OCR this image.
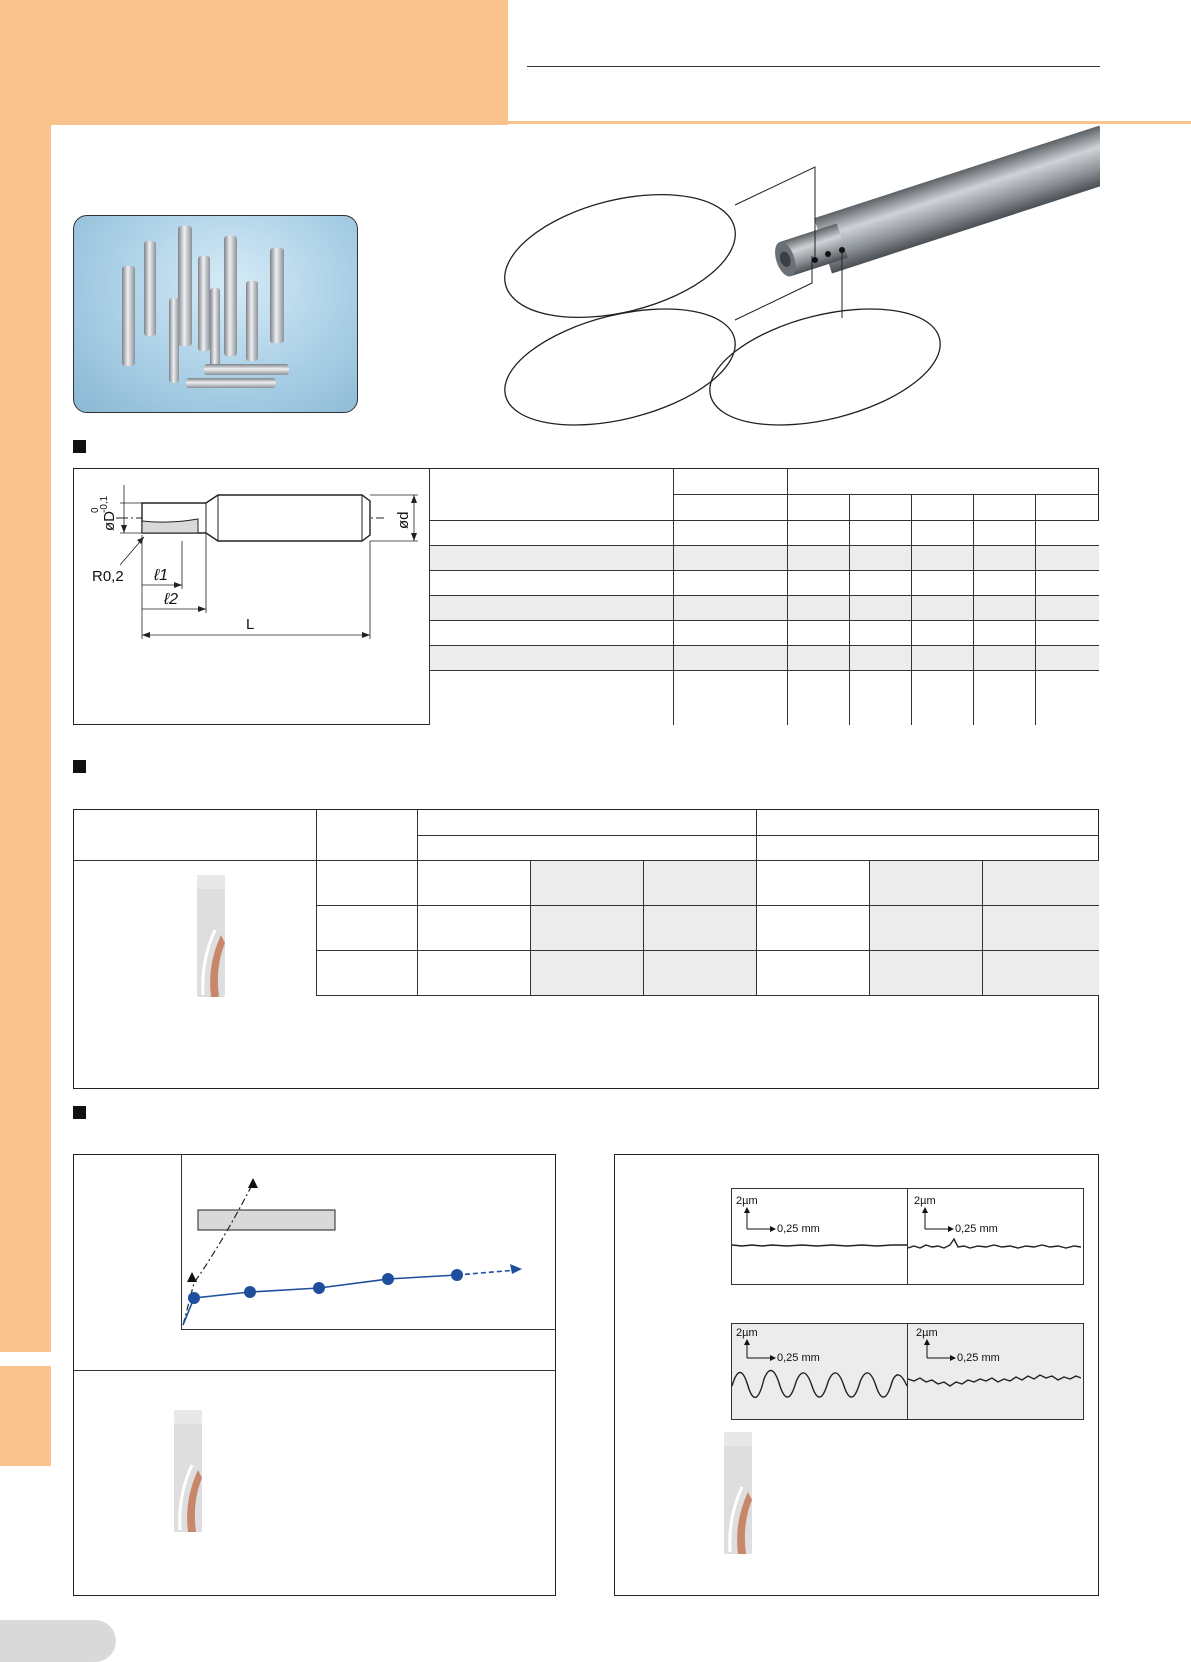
øD
0
-0,1
ød
R0,2 ℓ1
ℓ2
L

2µm
0,25 mm
2µm
0,25 mm
2µm
0,25 mm
2µm
0,25 mm
